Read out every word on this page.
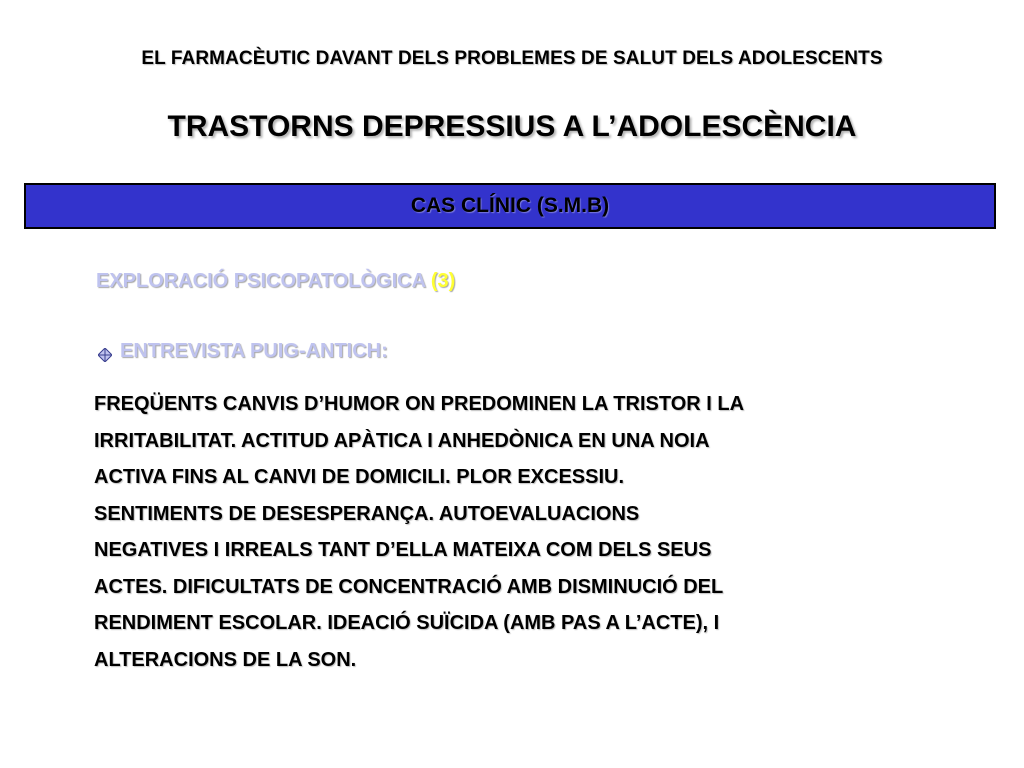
EL FARMACÈUTIC DAVANT DELS PROBLEMES DE SALUT DELS ADOLESCENTS
TRASTORNS DEPRESSIUS A L’ADOLESCÈNCIA
CAS CLÍNIC (S.M.B)
EXPLORACIÓ PSICOPATOLÒGICA (3)
ENTREVISTA PUIG-ANTICH:
FREQÜENTS CANVIS D’HUMOR ON PREDOMINEN LA TRISTOR I LA
IRRITABILITAT. ACTITUD APÀTICA I ANHEDÒNICA EN UNA NOIA
ACTIVA FINS AL CANVI DE DOMICILI. PLOR EXCESSIU.
SENTIMENTS DE DESESPERANÇA. AUTOEVALUACIONS
NEGATIVES I IRREALS TANT D’ELLA MATEIXA COM DELS SEUS
ACTES. DIFICULTATS DE CONCENTRACIÓ AMB DISMINUCIÓ DEL
RENDIMENT ESCOLAR. IDEACIÓ SUÏCIDA (AMB PAS A L’ACTE), I
ALTERACIONS DE LA SON.
